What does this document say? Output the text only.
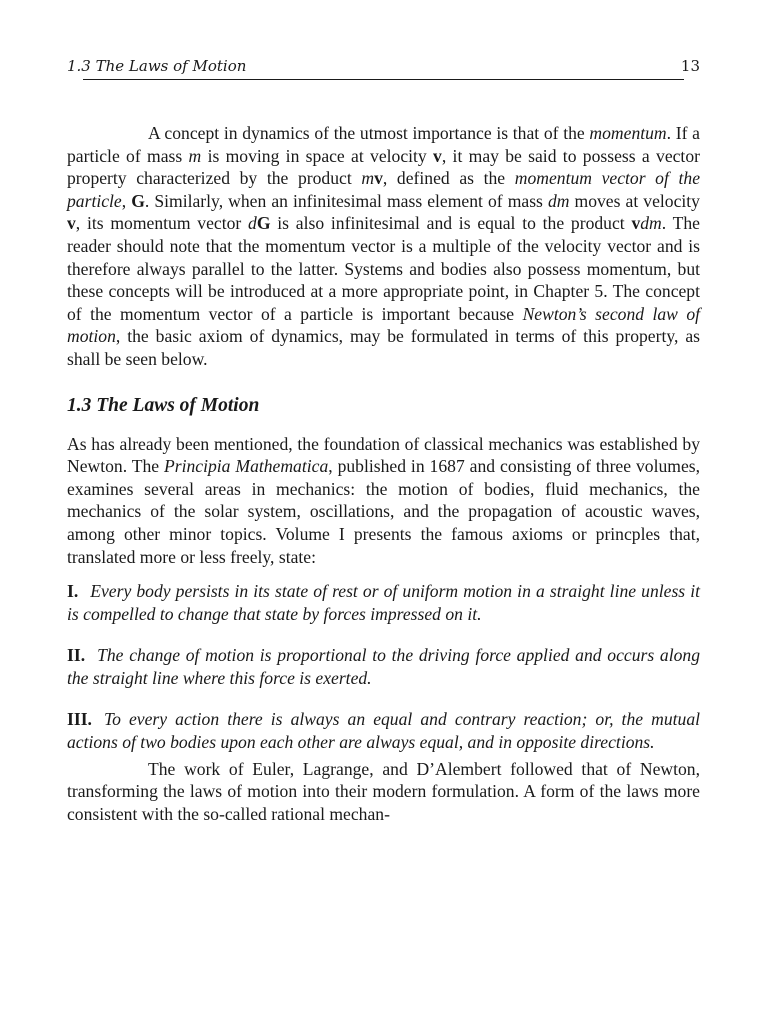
1.3 The Laws of Motion	13

A concept in dynamics of the utmost importance is that of the momentum. If a particle of mass m is moving in space at velocity v, it may be said to possess a vector property characterized by the product mv, defined as the momentum vector of the particle, G. Similarly, when an infinitesimal mass element of mass dm moves at velocity v, its momentum vector dG is also infinitesimal and is equal to the product vdm. The reader should note that the momentum vector is a multiple of the velocity vector and is therefore always parallel to the latter. Systems and bodies also possess momentum, but these concepts will be introduced at a more appropriate point, in Chapter 5. The concept of the momentum vector of a particle is important because Newton’s second law of motion, the basic axiom of dynamics, may be formulated in terms of this property, as shall be seen below.

1.3 The Laws of Motion

As has already been mentioned, the foundation of classical mechanics was established by Newton. The Principia Mathematica, published in 1687 and consisting of three volumes, examines several areas in mechanics: the motion of bodies, fluid mechanics, the mechanics of the solar system, oscillations, and the propagation of acoustic waves, among other minor topics. Volume I presents the famous axioms or princples that, translated more or less freely, state:

I. Every body persists in its state of rest or of uniform motion in a straight line unless it is compelled to change that state by forces impressed on it.

II. The change of motion is proportional to the driving force applied and occurs along the straight line where this force is exerted.

III. To every action there is always an equal and contrary reaction; or, the mutual actions of two bodies upon each other are always equal, and in opposite directions.

The work of Euler, Lagrange, and D’Alembert followed that of Newton, transforming the laws of motion into their modern formulation. A form of the laws more consistent with the so-called rational mechan-
